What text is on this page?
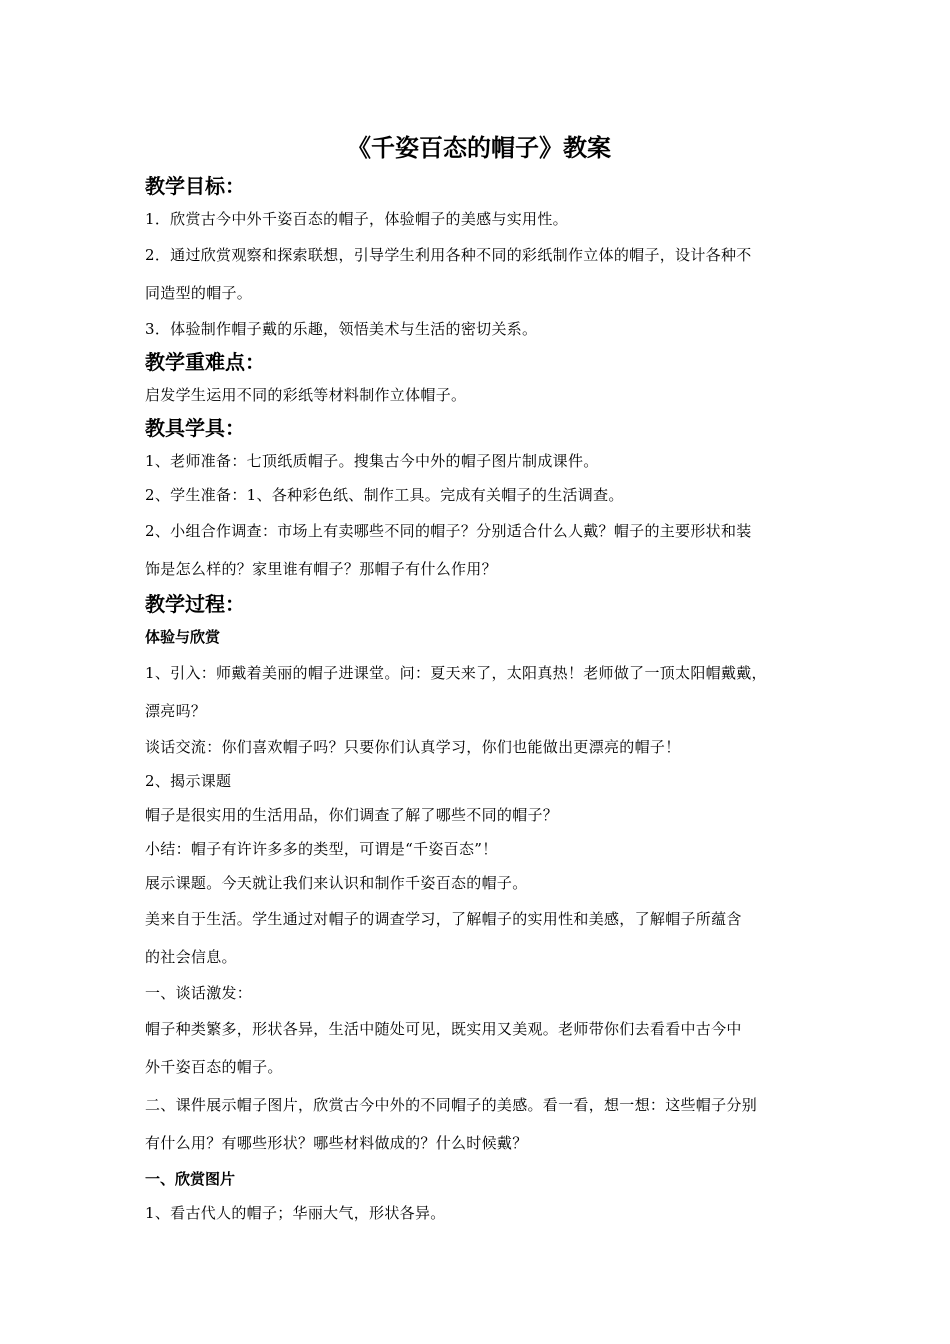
《千姿百态的帽子》教案
教学目标：

1．欣赏古今中外千姿百态的帽子，体验帽子的美感与实用性。

2．通过欣赏观察和探索联想，引导学生利用各种不同的彩纸制作立体的帽子，设计各种不

同造型的帽子。

3．体验制作帽子戴的乐趣，领悟美术与生活的密切关系。

教学重难点：

启发学生运用不同的彩纸等材料制作立体帽子。

教具学具：

1、老师准备：七顶纸质帽子。搜集古今中外的帽子图片制成课件。

2、学生准备：1、各种彩色纸、制作工具。完成有关帽子的生活调查。

2、小组合作调查：市场上有卖哪些不同的帽子？分别适合什么人戴？帽子的主要形状和装

饰是怎么样的？家里谁有帽子？那帽子有什么作用？

教学过程：
体验与欣赏

1、引入：师戴着美丽的帽子进课堂。问：夏天来了，太阳真热！老师做了一顶太阳帽戴戴，

漂亮吗？

谈话交流：你们喜欢帽子吗？只要你们认真学习，你们也能做出更漂亮的帽子！

2、揭示课题

帽子是很实用的生活用品，你们调查了解了哪些不同的帽子？

小结：帽子有许许多多的类型，可谓是“千姿百态”！

展示课题。今天就让我们来认识和制作千姿百态的帽子。

美来自于生活。学生通过对帽子的调查学习，了解帽子的实用性和美感，了解帽子所蕴含

的社会信息。

一、谈话激发：

帽子种类繁多，形状各异，生活中随处可见，既实用又美观。老师带你们去看看中古今中

外千姿百态的帽子。

二、课件展示帽子图片，欣赏古今中外的不同帽子的美感。看一看，想一想：这些帽子分别

有什么用？有哪些形状？哪些材料做成的？什么时候戴？

一、欣赏图片

1、看古代人的帽子；华丽大气，形状各异。
